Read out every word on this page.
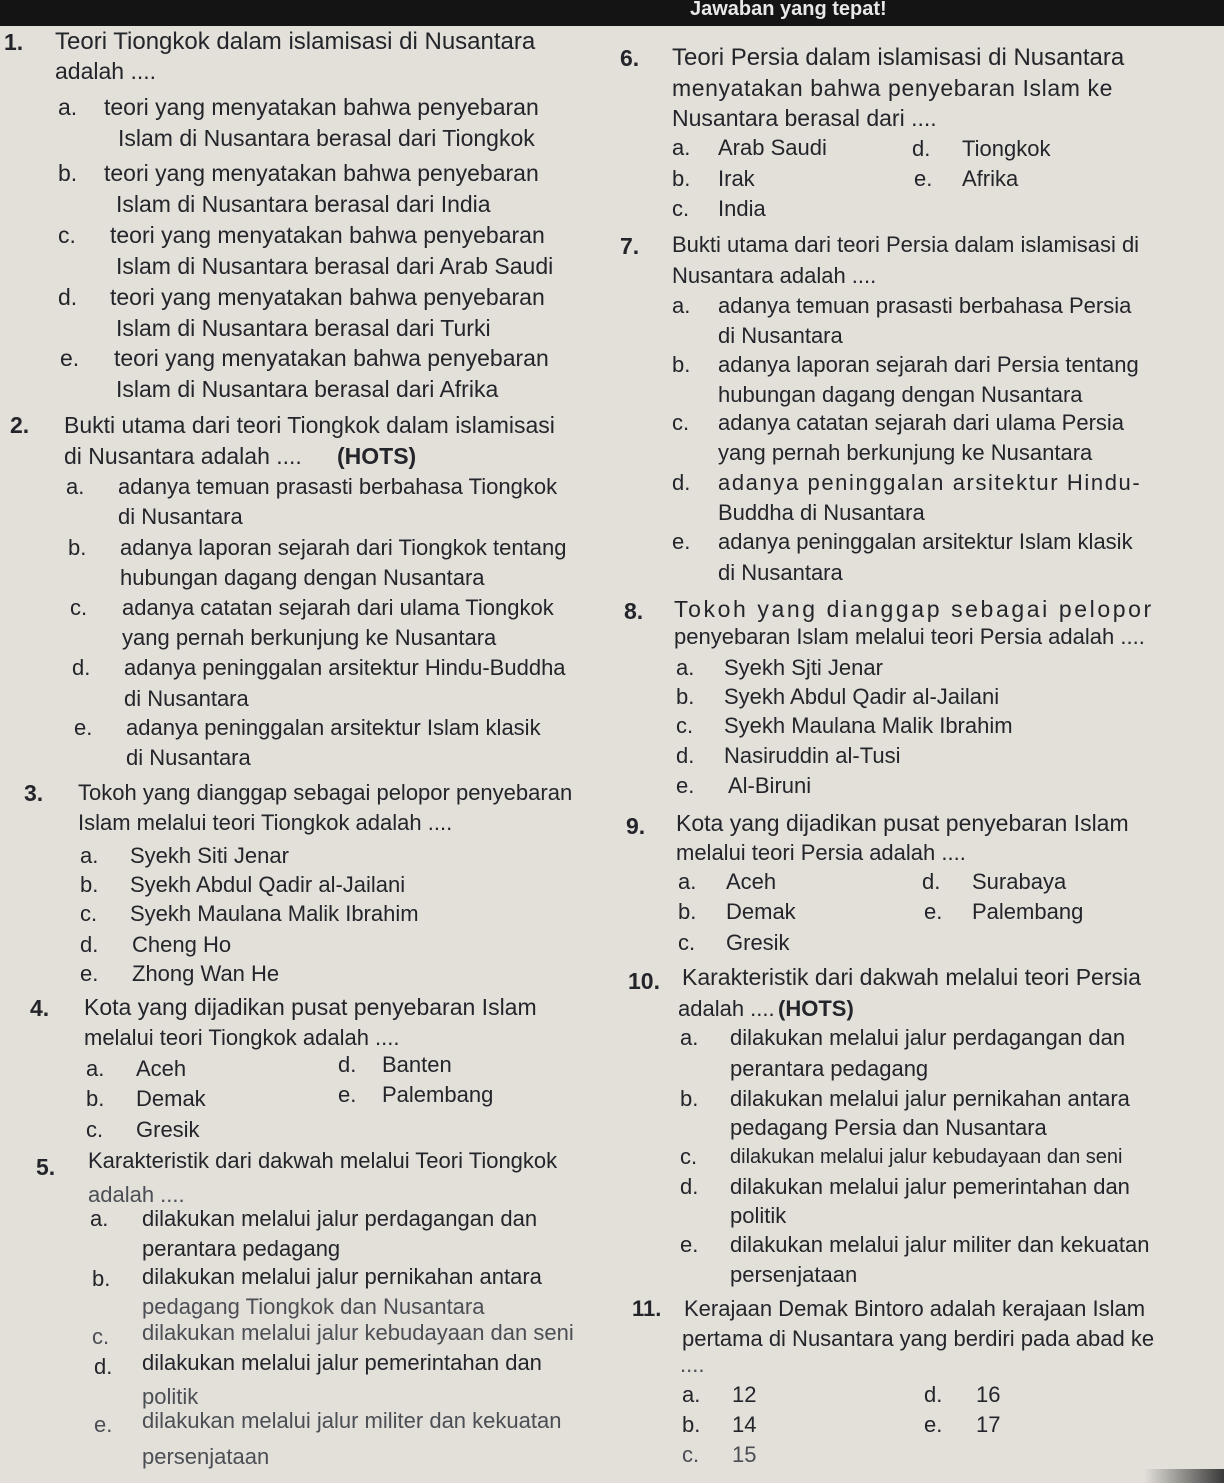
Jawaban yang tepat!
1. Teori Tiongkok dalam islamisasi di Nusantara
adalah ....
a. teori yang menyatakan bahwa penyebaran
Islam di Nusantara berasal dari Tiongkok
b. teori yang menyatakan bahwa penyebaran
Islam di Nusantara berasal dari India
c. teori yang menyatakan bahwa penyebaran
Islam di Nusantara berasal dari Arab Saudi
d. teori yang menyatakan bahwa penyebaran
Islam di Nusantara berasal dari Turki
e. teori yang menyatakan bahwa penyebaran
Islam di Nusantara berasal dari Afrika
2. Bukti utama dari teori Tiongkok dalam islamisasi
di Nusantara adalah .... (HOTS)
a. adanya temuan prasasti berbahasa Tiongkok
di Nusantara
b. adanya laporan sejarah dari Tiongkok tentang
hubungan dagang dengan Nusantara
c. adanya catatan sejarah dari ulama Tiongkok
yang pernah berkunjung ke Nusantara
d. adanya peninggalan arsitektur Hindu-Buddha
di Nusantara
e. adanya peninggalan arsitektur Islam klasik
di Nusantara
3. Tokoh yang dianggap sebagai pelopor penyebaran
Islam melalui teori Tiongkok adalah ....
a. Syekh Siti Jenar
b. Syekh Abdul Qadir al-Jailani
c. Syekh Maulana Malik Ibrahim
d. Cheng Ho
e. Zhong Wan He
4. Kota yang dijadikan pusat penyebaran Islam
melalui teori Tiongkok adalah ....
a. Aceh
b. Demak
c. Gresik
d. Banten
e. Palembang
5. Karakteristik dari dakwah melalui Teori Tiongkok
adalah ....
a. dilakukan melalui jalur perdagangan dan
perantara pedagang
b. dilakukan melalui jalur pernikahan antara
pedagang Tiongkok dan Nusantara
c. dilakukan melalui jalur kebudayaan dan seni
d. dilakukan melalui jalur pemerintahan dan
politik
e. dilakukan melalui jalur militer dan kekuatan
persenjataan
6. Teori Persia dalam islamisasi di Nusantara
menyatakan bahwa penyebaran Islam ke
Nusantara berasal dari ....
a. Arab Saudi
b. Irak
c. India
d. Tiongkok
e. Afrika
7. Bukti utama dari teori Persia dalam islamisasi di
Nusantara adalah ....
a. adanya temuan prasasti berbahasa Persia
di Nusantara
b. adanya laporan sejarah dari Persia tentang
hubungan dagang dengan Nusantara
c. adanya catatan sejarah dari ulama Persia
yang pernah berkunjung ke Nusantara
d. adanya peninggalan arsitektur Hindu-
Buddha di Nusantara
e. adanya peninggalan arsitektur Islam klasik
di Nusantara
8. Tokoh yang dianggap sebagai pelopor
penyebaran Islam melalui teori Persia adalah ....
a. Syekh Sjti Jenar
b. Syekh Abdul Qadir al-Jailani
c. Syekh Maulana Malik Ibrahim
d. Nasiruddin al-Tusi
e. Al-Biruni
9. Kota yang dijadikan pusat penyebaran Islam
melalui teori Persia adalah ....
a. Aceh
b. Demak
c. Gresik
d. Surabaya
e. Palembang
10. Karakteristik dari dakwah melalui teori Persia
adalah .... (HOTS)
a. dilakukan melalui jalur perdagangan dan
perantara pedagang
b. dilakukan melalui jalur pernikahan antara
pedagang Persia dan Nusantara
c. dilakukan melalui jalur kebudayaan dan seni
d. dilakukan melalui jalur pemerintahan dan
politik
e. dilakukan melalui jalur militer dan kekuatan
persenjataan
11. Kerajaan Demak Bintoro adalah kerajaan Islam
pertama di Nusantara yang berdiri pada abad ke
....
a. 12
b. 14
c. 15
d. 16
e. 17
